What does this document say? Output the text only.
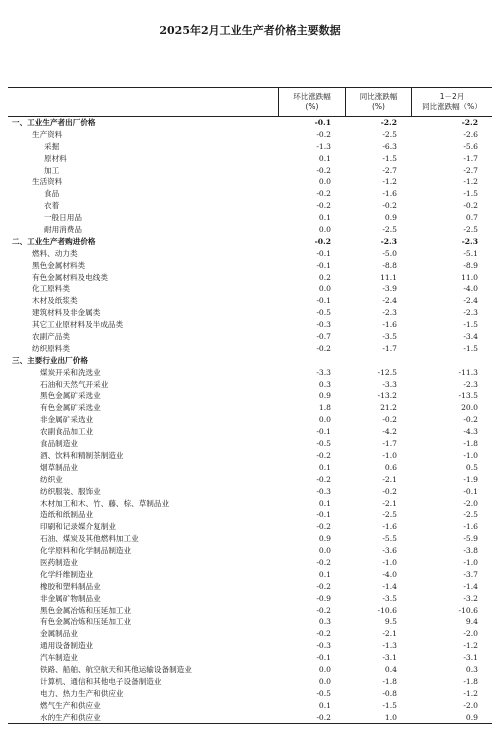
2025年2月工业生产者价格主要数据
环比涨跌幅
(%)
同比涨跌幅
(%)
1－2月
同比涨跌幅（%）
一、工业生产者出厂价格	-0.1	-2.2	-2.2
生产资料	-0.2	-2.5	-2.6
采掘	-1.3	-6.3	-5.6
原材料	0.1	-1.5	-1.7
加工	-0.2	-2.7	-2.7
生活资料	0.0	-1.2	-1.2
食品	-0.2	-1.6	-1.5
衣着	-0.2	-0.2	-0.2
一般日用品	0.1	0.9	0.7
耐用消费品	0.0	-2.5	-2.5
二、工业生产者购进价格	-0.2	-2.3	-2.3
燃料、动力类	-0.1	-5.0	-5.1
黑色金属材料类	-0.1	-8.8	-8.9
有色金属材料及电线类	0.2	11.1	11.0
化工原料类	0.0	-3.9	-4.0
木材及纸浆类	-0.1	-2.4	-2.4
建筑材料及非金属类	-0.5	-2.3	-2.3
其它工业原材料及半成品类	-0.3	-1.6	-1.5
农副产品类	-0.7	-3.5	-3.4
纺织原料类	-0.2	-1.7	-1.5
三、主要行业出厂价格
煤炭开采和洗选业	-3.3	-12.5	-11.3
石油和天然气开采业	0.3	-3.3	-2.3
黑色金属矿采选业	0.9	-13.2	-13.5
有色金属矿采选业	1.8	21.2	20.0
非金属矿采选业	0.0	-0.2	-0.2
农副食品加工业	-0.1	-4.2	-4.3
食品制造业	-0.5	-1.7	-1.8
酒、饮料和精制茶制造业	-0.2	-1.0	-1.0
烟草制品业	0.1	0.6	0.5
纺织业	-0.2	-2.1	-1.9
纺织服装、服饰业	-0.3	-0.2	-0.1
木材加工和木、竹、藤、棕、草制品业	0.1	-2.1	-2.0
造纸和纸制品业	-0.1	-2.5	-2.5
印刷和记录媒介复制业	-0.2	-1.6	-1.6
石油、煤炭及其他燃料加工业	0.9	-5.5	-5.9
化学原料和化学制品制造业	0.0	-3.6	-3.8
医药制造业	-0.2	-1.0	-1.0
化学纤维制造业	0.1	-4.0	-3.7
橡胶和塑料制品业	-0.2	-1.4	-1.4
非金属矿物制品业	-0.9	-3.5	-3.2
黑色金属冶炼和压延加工业	-0.2	-10.6	-10.6
有色金属冶炼和压延加工业	0.3	9.5	9.4
金属制品业	-0.2	-2.1	-2.0
通用设备制造业	-0.3	-1.3	-1.2
汽车制造业	-0.1	-3.1	-3.1
铁路、船舶、航空航天和其他运输设备制造业	0.0	0.4	0.3
计算机、通信和其他电子设备制造业	0.0	-1.8	-1.8
电力、热力生产和供应业	-0.5	-0.8	-1.2
燃气生产和供应业	0.1	-1.5	-2.0
水的生产和供应业	-0.2	1.0	0.9
